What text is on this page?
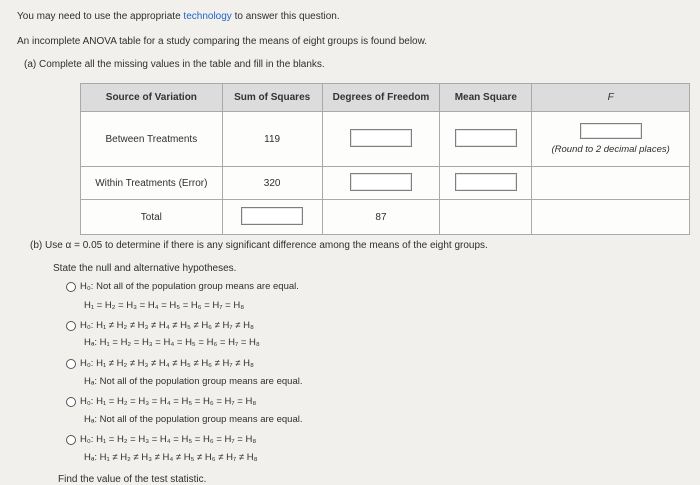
You may need to use the appropriate technology to answer this question.
An incomplete ANOVA table for a study comparing the means of eight groups is found below.
(a) Complete all the missing values in the table and fill in the blanks.
Source of Variation	Sum of Squares	Degrees of Freedom	Mean Square	F
Between Treatments	119			(Round to 2 decimal places)

Within Treatments (Error)	320			
Total		87		
(b) Use α = 0.05 to determine if there is any significant difference among the means of the eight groups.
State the null and alternative hypotheses.
H₀: Not all of the population group means are equal.
H₁ = H₂ = H₃ = H₄ = H₅ = H₆ = H₇ = H₈
H₀: H₁ ≠ H₂ ≠ H₃ ≠ H₄ ≠ H₅ ≠ H₆ ≠ H₇ ≠ H₈
Hₐ: H₁ = H₂ = H₃ = H₄ = H₅ = H₆ = H₇ = H₈
H₀: H₁ ≠ H₂ ≠ H₃ ≠ H₄ ≠ H₅ ≠ H₆ ≠ H₇ ≠ H₈
Hₐ: Not all of the population group means are equal.
H₀: H₁ = H₂ = H₃ = H₄ = H₅ = H₆ = H₇ = H₈
Hₐ: Not all of the population group means are equal.
H₀: H₁ = H₂ = H₃ = H₄ = H₅ = H₆ = H₇ = H₈
Hₐ: H₁ ≠ H₂ ≠ H₃ ≠ H₄ ≠ H₅ ≠ H₆ ≠ H₇ ≠ H₈
Find the value of the test statistic.
